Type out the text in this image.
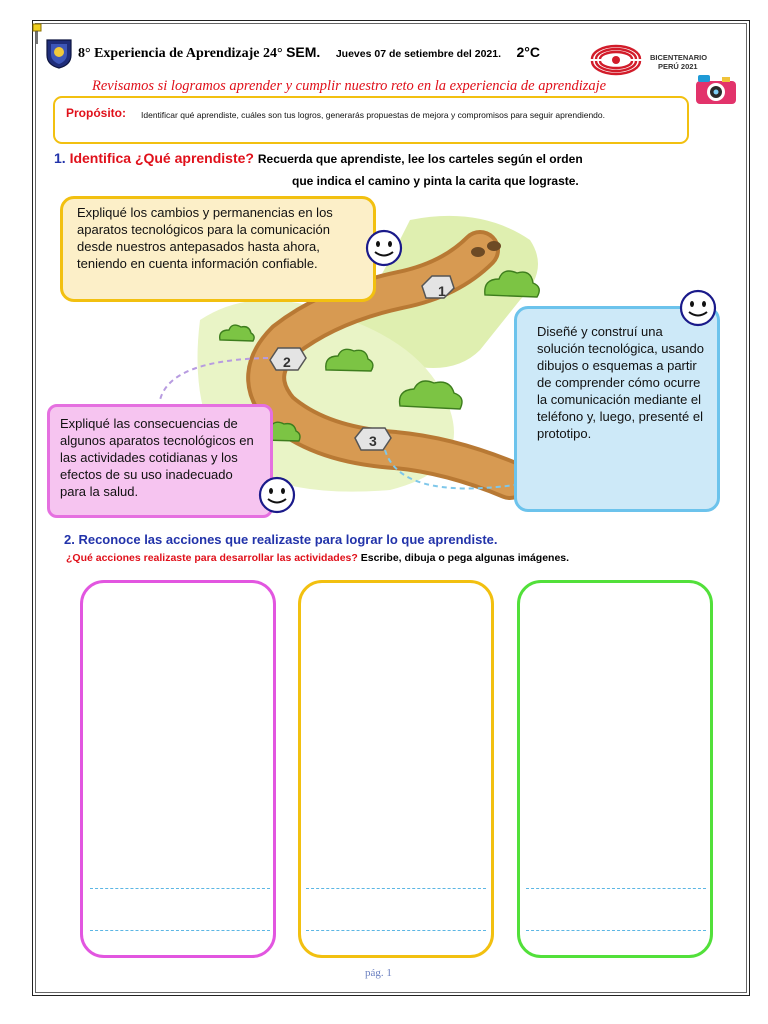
8° Experiencia de Aprendizaje 24° SEM. Jueves 07 de setiembre del 2021. 2°C	BICENTENARIO
PERÚ 2021
Revisamos si logramos aprender y cumplir nuestro reto en la experiencia de aprendizaje
Propósito: Identificar qué aprendiste, cuáles son tus logros, generarás propuestas de mejora y compromisos para seguir aprendiendo.
1. Identifica ¿Qué aprendiste? Recuerda que aprendiste, lee los carteles según el orden
que indica el camino y pinta la carita que lograste.
1
2
3
Expliqué los cambios y permanencias en los aparatos tecnológicos para la comunicación desde nuestros antepasados hasta ahora, teniendo en cuenta información confiable.
Expliqué las consecuencias de algunos aparatos tecnológicos en las actividades cotidianas y los efectos de su uso inadecuado para la salud.
Diseñé y construí una solución tecnológica, usando dibujos o esquemas a partir de comprender cómo ocurre la comunicación mediante el teléfono y, luego, presenté el prototipo.
2. Reconoce las acciones que realizaste para lograr lo que aprendiste.
¿Qué acciones realizaste para desarrollar las actividades? Escribe, dibuja o pega algunas imágenes.
pág. 1
